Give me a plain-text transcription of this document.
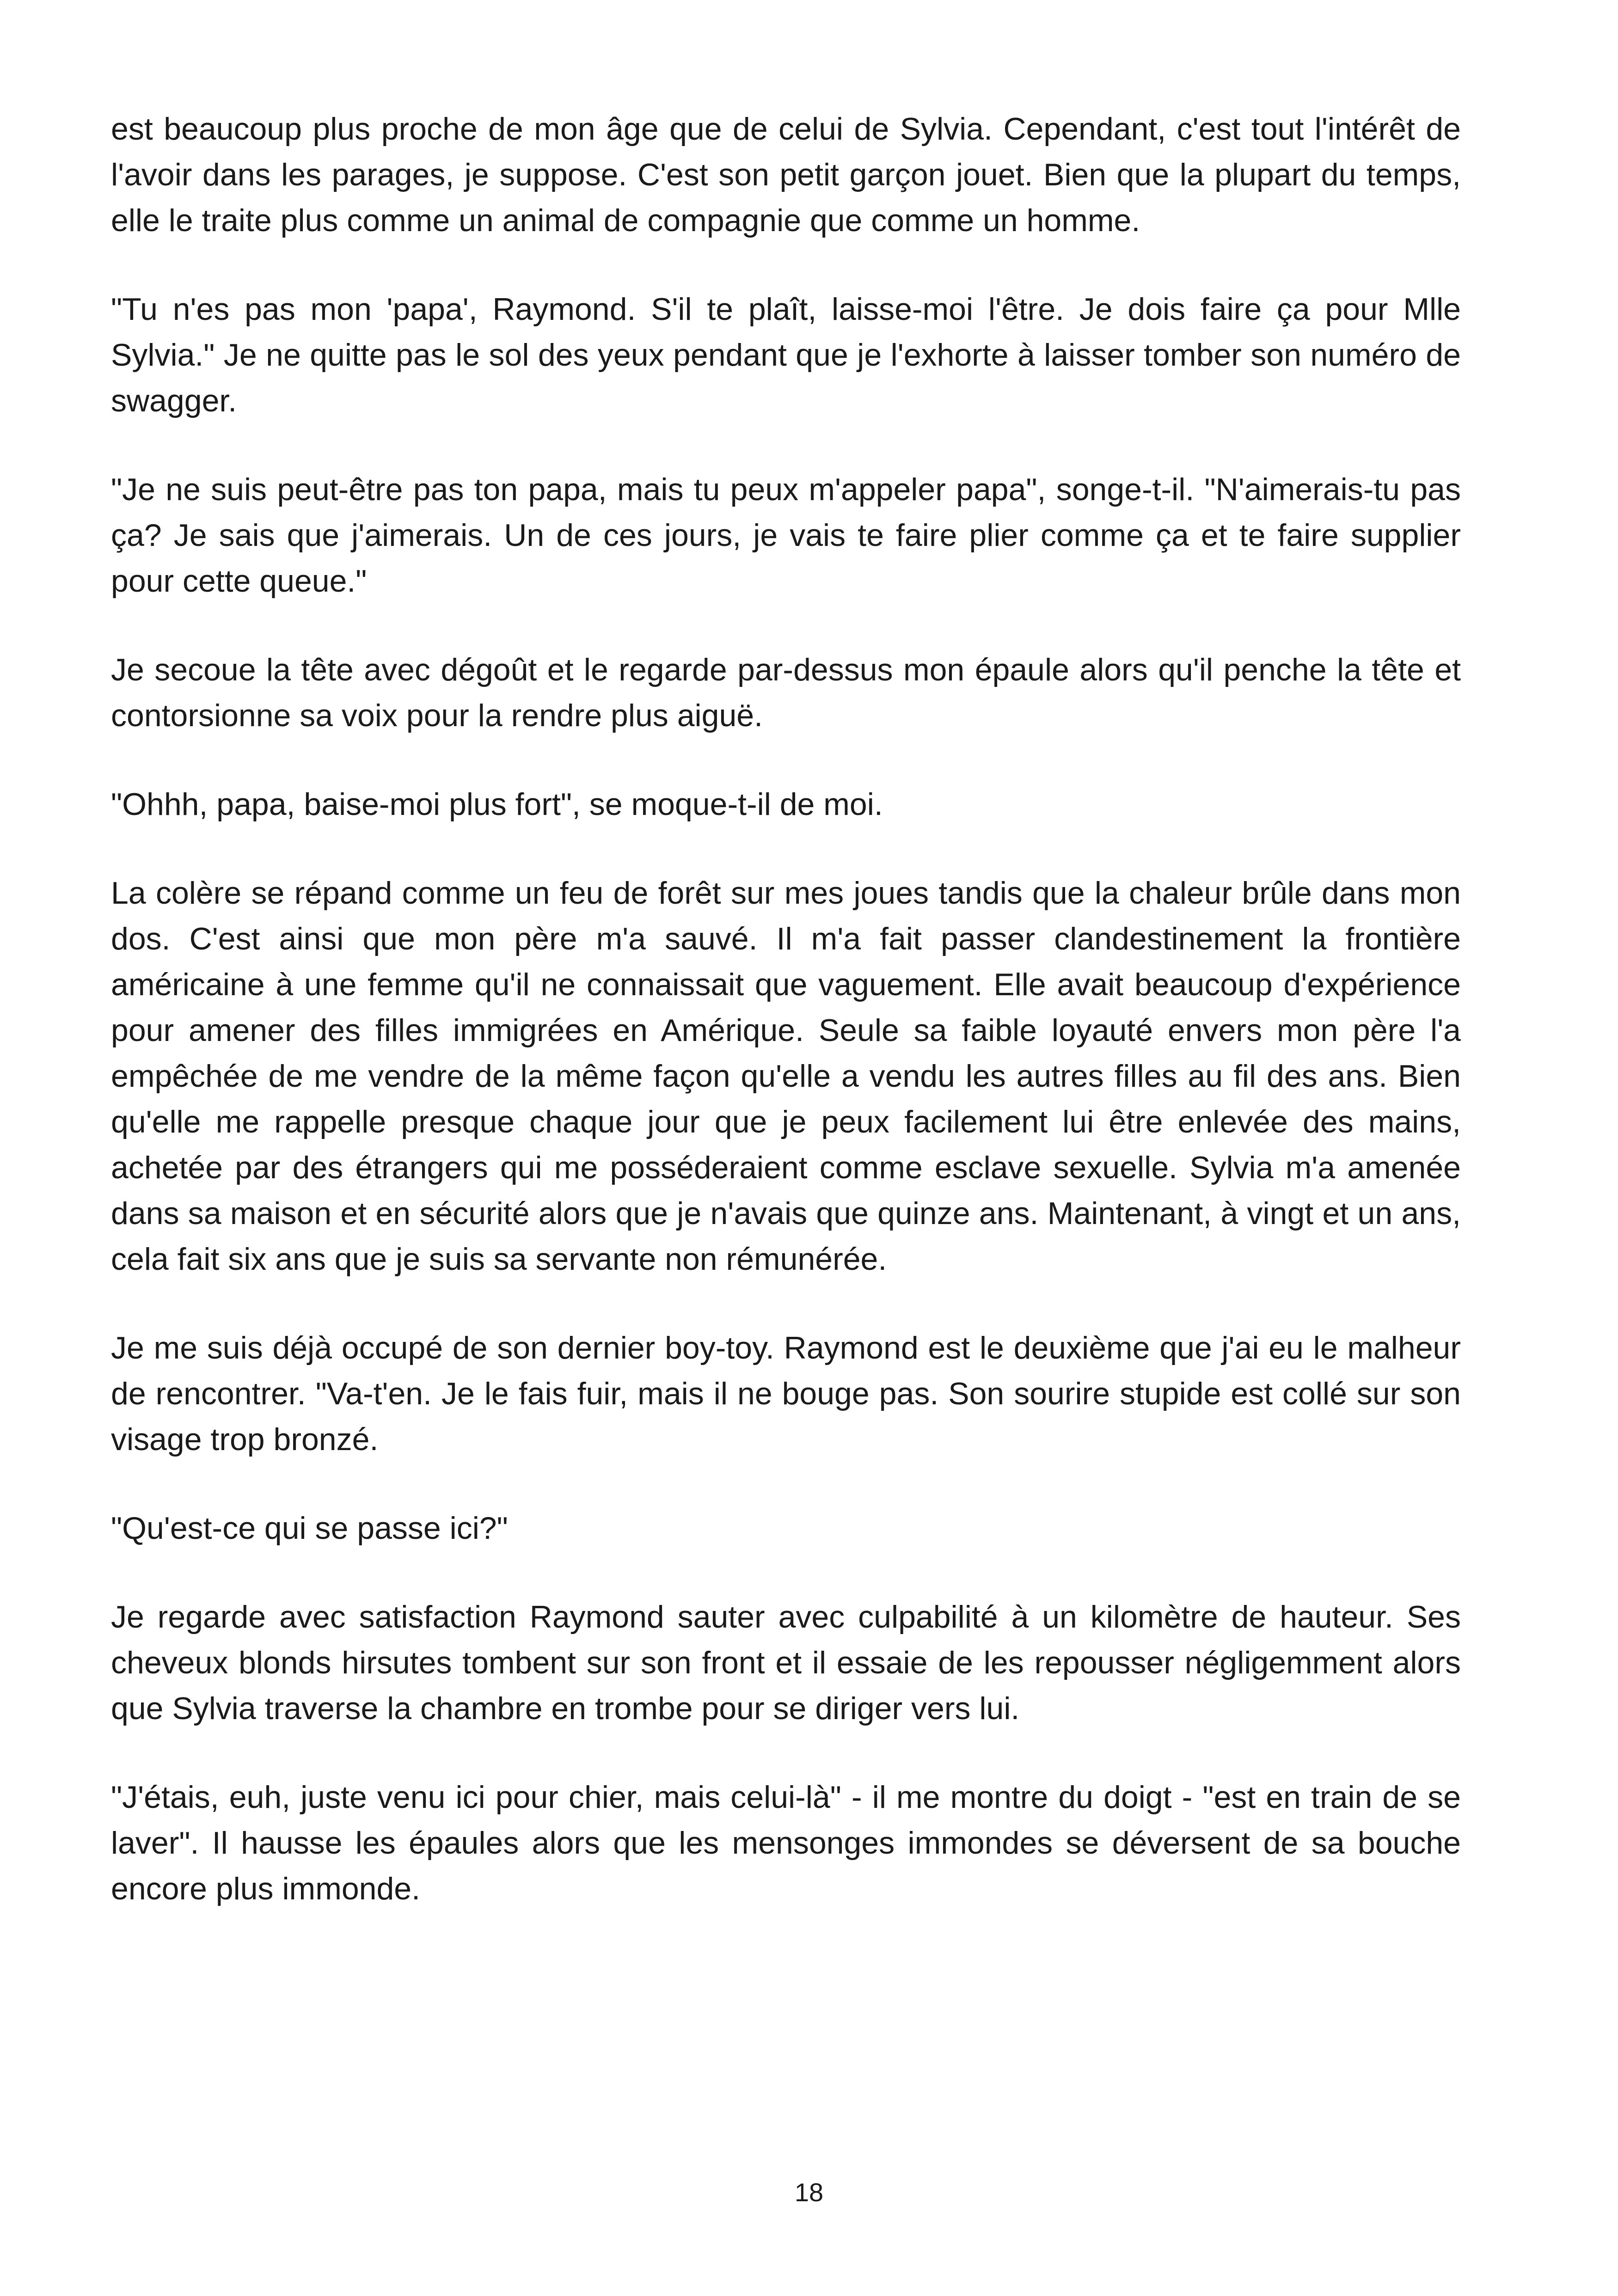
est beaucoup plus proche de mon âge que de celui de Sylvia. Cependant, c'est tout l'intérêt de l'avoir dans les parages, je suppose. C'est son petit garçon jouet. Bien que la plupart du temps, elle le traite plus comme un animal de compagnie que comme un homme.

"Tu n'es pas mon 'papa', Raymond. S'il te plaît, laisse-moi l'être. Je dois faire ça pour Mlle Sylvia." Je ne quitte pas le sol des yeux pendant que je l'exhorte à laisser tomber son numéro de swagger.

"Je ne suis peut-être pas ton papa, mais tu peux m'appeler papa", songe-t-il. "N'aimerais-tu pas ça? Je sais que j'aimerais. Un de ces jours, je vais te faire plier comme ça et te faire supplier pour cette queue."

Je secoue la tête avec dégoût et le regarde par-dessus mon épaule alors qu'il penche la tête et contorsionne sa voix pour la rendre plus aiguë.

"Ohhh, papa, baise-moi plus fort", se moque-t-il de moi.

La colère se répand comme un feu de forêt sur mes joues tandis que la chaleur brûle dans mon dos. C'est ainsi que mon père m'a sauvé. Il m'a fait passer clandestinement la frontière américaine à une femme qu'il ne connaissait que vaguement. Elle avait beaucoup d'expérience pour amener des filles immigrées en Amérique. Seule sa faible loyauté envers mon père l'a empêchée de me vendre de la même façon qu'elle a vendu les autres filles au fil des ans. Bien qu'elle me rappelle presque chaque jour que je peux facilement lui être enlevée des mains, achetée par des étrangers qui me posséderaient comme esclave sexuelle. Sylvia m'a amenée dans sa maison et en sécurité alors que je n'avais que quinze ans. Maintenant, à vingt et un ans, cela fait six ans que je suis sa servante non rémunérée.

Je me suis déjà occupé de son dernier boy-toy. Raymond est le deuxième que j'ai eu le malheur de rencontrer. "Va-t'en. Je le fais fuir, mais il ne bouge pas. Son sourire stupide est collé sur son visage trop bronzé.

"Qu'est-ce qui se passe ici?"

Je regarde avec satisfaction Raymond sauter avec culpabilité à un kilomètre de hauteur. Ses cheveux blonds hirsutes tombent sur son front et il essaie de les repousser négligemment alors que Sylvia traverse la chambre en trombe pour se diriger vers lui.

"J'étais, euh, juste venu ici pour chier, mais celui-là" - il me montre du doigt - "est en train de se laver". Il hausse les épaules alors que les mensonges immondes se déversent de sa bouche encore plus immonde.

18
